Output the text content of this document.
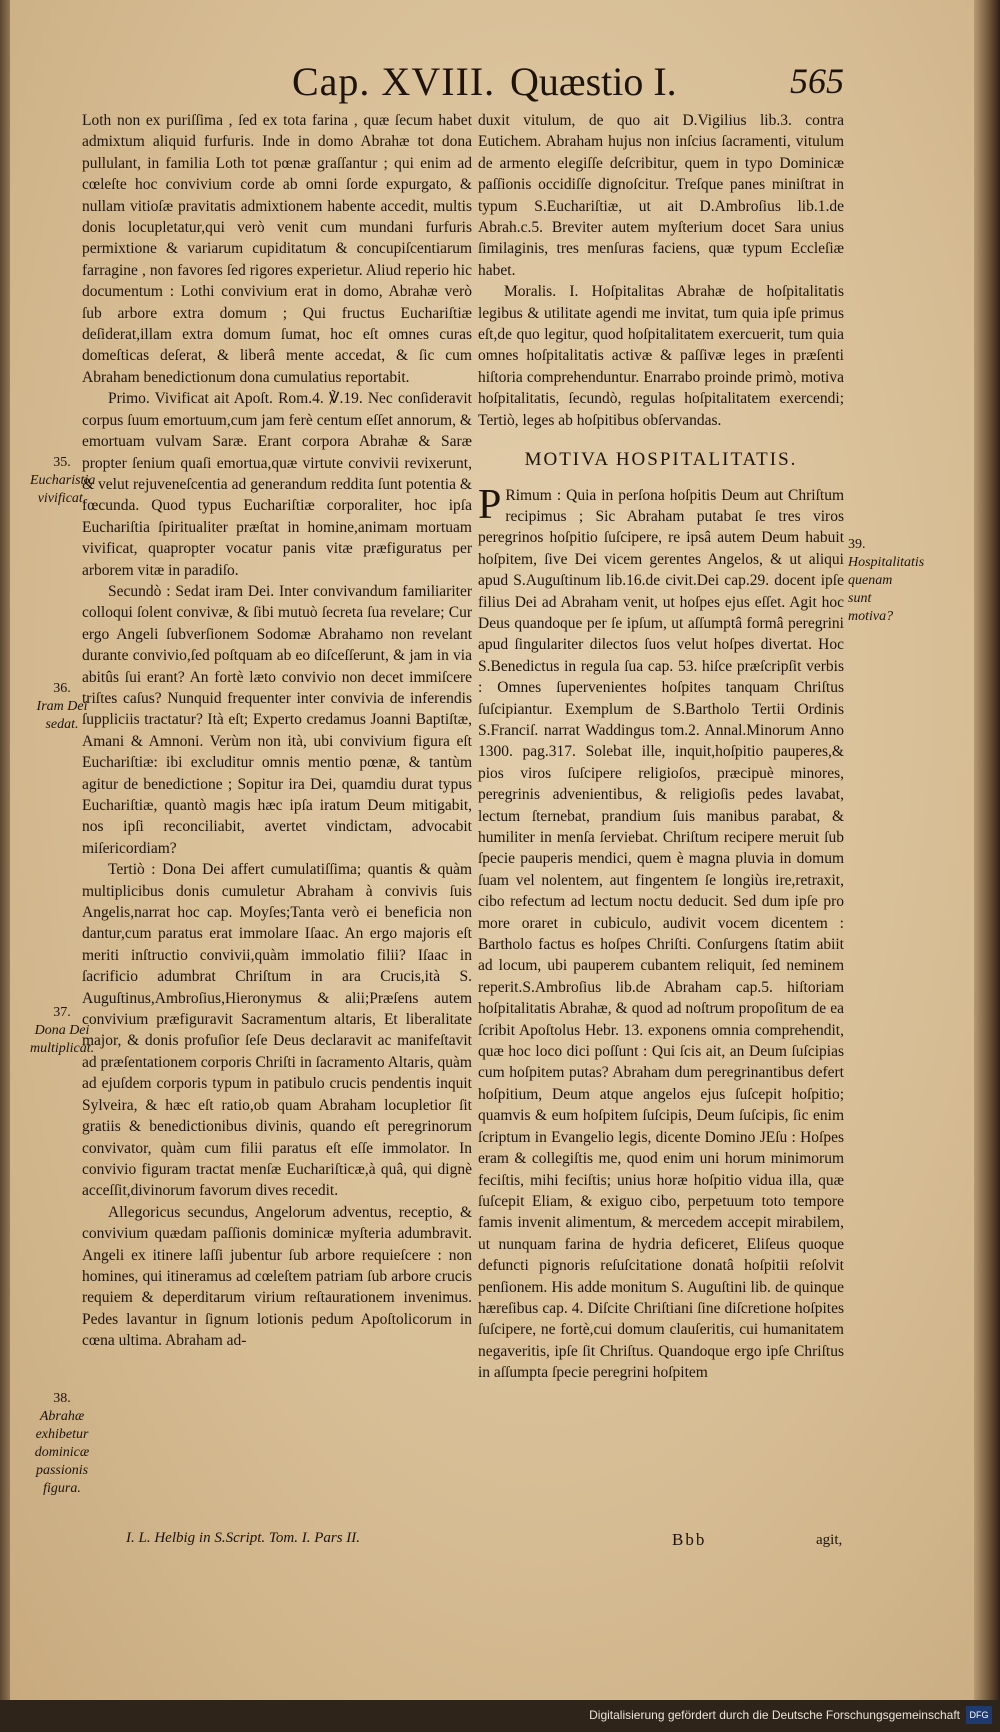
Cap. XVIII. Quæstio I.	565
35.
Eucharistia vivificat.
36.
Iram Dei sedat.
37.
Dona Dei multiplicat.
38.
Abrahæ exhibetur dominicæ passionis figura.

Loth non ex puriſſima , ſed ex tota farina , quæ ſecum habet admixtum aliquid furfuris. Inde in domo Abrahæ tot dona pullulant, in familia Loth tot pœnæ graſſantur ; qui enim ad cœleſte hoc convivium corde ab omni ſorde expurgato, & nullam vitioſæ pravitatis admixtionem habente accedit, multis donis locupletatur,qui verò venit cum mundani furfuris permixtione & variarum cupiditatum & concupiſcentiarum farragine , non favores ſed rigores experietur. Aliud reperio hic documentum : Lothi convivium erat in domo, Abrahæ verò ſub arbore extra domum ; Qui fructus Euchariſtiæ deſiderat,illam extra domum ſumat, hoc eſt omnes curas domeſticas deſerat, & liberâ mente accedat, & ſic cum Abraham benedictionum dona cumulatius reportabit.

Primo. Vivificat ait Apoſt. Rom.4. ℣.19. Nec conſideravit corpus ſuum emortuum,cum jam ferè centum eſſet annorum, & emortuam vulvam Saræ. Erant corpora Abrahæ & Saræ propter ſenium quaſi emortua,quæ virtute convivii revixerunt, & velut rejuveneſcentia ad generandum reddita ſunt potentia & fœcunda. Quod typus Euchariſtiæ corporaliter, hoc ipſa Euchariſtia ſpiritualiter præſtat in homine,animam mortuam vivificat, quapropter vocatur panis vitæ præfiguratus per arborem vitæ in paradiſo.

Secundò : Sedat iram Dei. Inter convivandum familiariter colloqui ſolent convivæ, & ſibi mutuò ſecreta ſua revelare; Cur ergo Angeli ſubverſionem Sodomæ Abrahamo non revelant durante convivio,ſed poſtquam ab eo diſceſſerunt, & jam in via abitûs ſui erant? An fortè læto convivio non decet immiſcere triſtes caſus? Nunquid frequenter inter convivia de inferendis ſuppliciis tractatur? Ità eſt; Experto credamus Joanni Baptiſtæ, Amani & Amnoni. Verùm non ità, ubi convivium figura eſt Euchariſtiæ: ibi excluditur omnis mentio pœnæ, & tantùm agitur de benedictione ; Sopitur ira Dei, quamdiu durat typus Euchariſtiæ, quantò magis hæc ipſa iratum Deum mitigabit, nos ipſi reconciliabit, avertet vindictam, advocabit miſericordiam?

Tertiò : Dona Dei affert cumulatiſſima; quantis & quàm multiplicibus donis cumuletur Abraham à convivis ſuis Angelis,narrat hoc cap. Moyſes;Tanta verò ei beneficia non dantur,cum paratus erat immolare Iſaac. An ergo majoris eſt meriti inſtructio convivii,quàm immolatio filii? Iſaac in ſacrificio adumbrat Chriſtum in ara Crucis,ità S. Auguſtinus,Ambroſius,Hieronymus & alii;Præſens autem convivium præfiguravit Sacramentum altaris, Et liberalitate major, & donis profuſior ſeſe Deus declaravit ac manifeſtavit ad præſentationem corporis Chriſti in ſacramento Altaris, quàm ad ejuſdem corporis typum in patibulo crucis pendentis inquit Sylveira, & hæc eſt ratio,ob quam Abraham locupletior ſit gratiis & benedictionibus divinis, quando eſt peregrinorum convivator, quàm cum filii paratus eſt eſſe immolator. In convivio figuram tractat menſæ Euchariſticæ,à quâ, qui dignè acceſſit,divinorum favorum dives recedit.

Allegoricus secundus, Angelorum adventus, receptio, & convivium quædam paſſionis dominicæ myſteria adumbravit. Angeli ex itinere laſſi jubentur ſub arbore requieſcere : non homines, qui itineramus ad cœleſtem patriam ſub arbore crucis requiem & deperditarum virium reſtaurationem invenimus. Pedes lavantur in ſignum lotionis pedum Apoſtolicorum in cœna ultima. Abraham ad-

duxit vitulum, de quo ait D.Vigilius lib.3. contra Eutichem. Abraham hujus non inſcius ſacramenti, vitulum de armento elegiſſe deſcribitur, quem in typo Dominicæ paſſionis occidiſſe dignoſcitur. Treſque panes miniſtrat in typum S.Euchariſtiæ, ut ait D.Ambroſius lib.1.de Abrah.c.5. Breviter autem myſterium docet Sara unius ſimilaginis, tres menſuras faciens, quæ typum Eccleſiæ habet.

Moralis. I. Hoſpitalitas Abrahæ de hoſpitalitatis legibus & utilitate agendi me invitat, tum quia ipſe primus eſt,de quo legitur, quod hoſpitalitatem exercuerit, tum quia omnes hoſpitalitatis activæ & paſſivæ leges in præſenti hiſtoria comprehenduntur. Enarrabo proinde primò, motiva hoſpitalitatis, ſecundò, regulas hoſpitalitatem exercendi; Tertiò, leges ab hoſpitibus obſervandas.

MOTIVA HOSPITALITATIS.

P Rimum : Quia in perſona hoſpitis Deum aut Chriſtum recipimus ; Sic Abraham putabat ſe tres viros peregrinos hoſpitio ſuſcipere, re ipsâ autem Deum habuit hoſpitem, ſive Dei vicem gerentes Angelos, & ut aliqui apud S.Auguſtinum lib.16.de civit.Dei cap.29. docent ipſe filius Dei ad Abraham venit, ut hoſpes ejus eſſet. Agit hoc Deus quandoque per ſe ipſum, ut aſſumptâ formâ peregrini apud ſingulariter dilectos ſuos velut hoſpes divertat. Hoc S.Benedictus in regula ſua cap. 53. hiſce præſcripſit verbis : Omnes ſupervenientes hoſpites tanquam Chriſtus ſuſcipiantur. Exemplum de S.Bartholo Tertii Ordinis S.Franciſ. narrat Waddingus tom.2. Annal.Minorum Anno 1300. pag.317. Solebat ille, inquit,hoſpitio pauperes,& pios viros ſuſcipere religioſos, præcipuè minores, peregrinis advenientibus, & religioſis pedes lavabat, lectum ſternebat, prandium ſuis manibus parabat, & humiliter in menſa ſerviebat. Chriſtum recipere meruit ſub ſpecie pauperis mendici, quem è magna pluvia in domum ſuam vel nolentem, aut fingentem ſe longiùs ire,retraxit, cibo refectum ad lectum noctu deducit. Sed dum ipſe pro more oraret in cubiculo, audivit vocem dicentem : Bartholo factus es hoſpes Chriſti. Conſurgens ſtatim abiit ad locum, ubi pauperem cubantem reliquit, ſed neminem reperit.S.Ambroſius lib.de Abraham cap.5. hiſtoriam hoſpitalitatis Abrahæ, & quod ad noſtrum propoſitum de ea ſcribit Apoſtolus Hebr. 13. exponens omnia comprehendit, quæ hoc loco dici poſſunt : Qui ſcis ait, an Deum ſuſcipias cum hoſpitem putas? Abraham dum peregrinantibus defert hoſpitium, Deum atque angelos ejus ſuſcepit hoſpitio; quamvis & eum hoſpitem ſuſcipis, Deum ſuſcipis, ſic enim ſcriptum in Evangelio legis, dicente Domino JEſu : Hoſpes eram & collegiſtis me, quod enim uni horum minimorum feciſtis, mihi feciſtis; unius horæ hoſpitio vidua illa, quæ ſuſcepit Eliam, & exiguo cibo, perpetuum toto tempore famis invenit alimentum, & mercedem accepit mirabilem, ut nunquam farina de hydria deficeret, Eliſeus quoque defuncti pignoris reſuſcitatione donatâ hoſpitii reſolvit penſionem. His adde monitum S. Auguſtini lib. de quinque hæreſibus cap. 4. Diſcite Chriſtiani ſine diſcretione hoſpites ſuſcipere, ne fortè,cui domum clauſeritis, cui humanitatem negaveritis, ipſe ſit Chriſtus. Quandoque ergo ipſe Chriſtus in aſſumpta ſpecie peregrini hoſpitem

39.
Hospitalitatis quenam sunt motiva?
I. L. Helbig in S.Script. Tom. I. Pars II.	Bbb	agit,
Digitalisierung gefördert durch die Deutsche Forschungsgemeinschaft	DFG
